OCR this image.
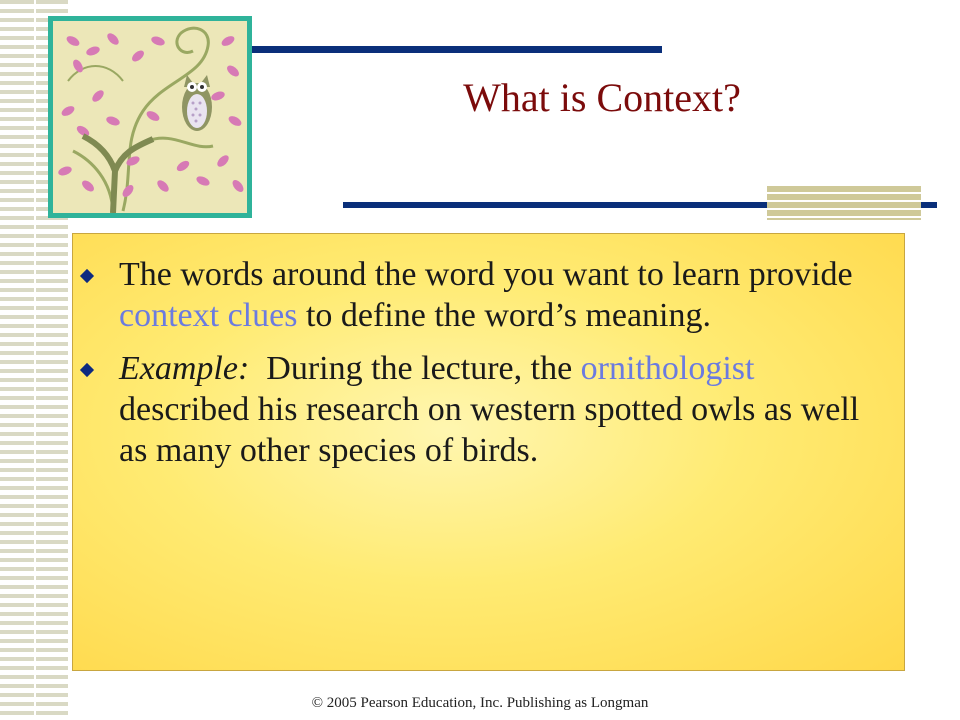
What is Context?
The words around the word you want to learn provide context clues to define the word’s meaning.
Example:  During the lecture, the ornithologist described his research on western spotted owls as well as many other species of birds.
© 2005 Pearson Education, Inc. Publishing as Longman
